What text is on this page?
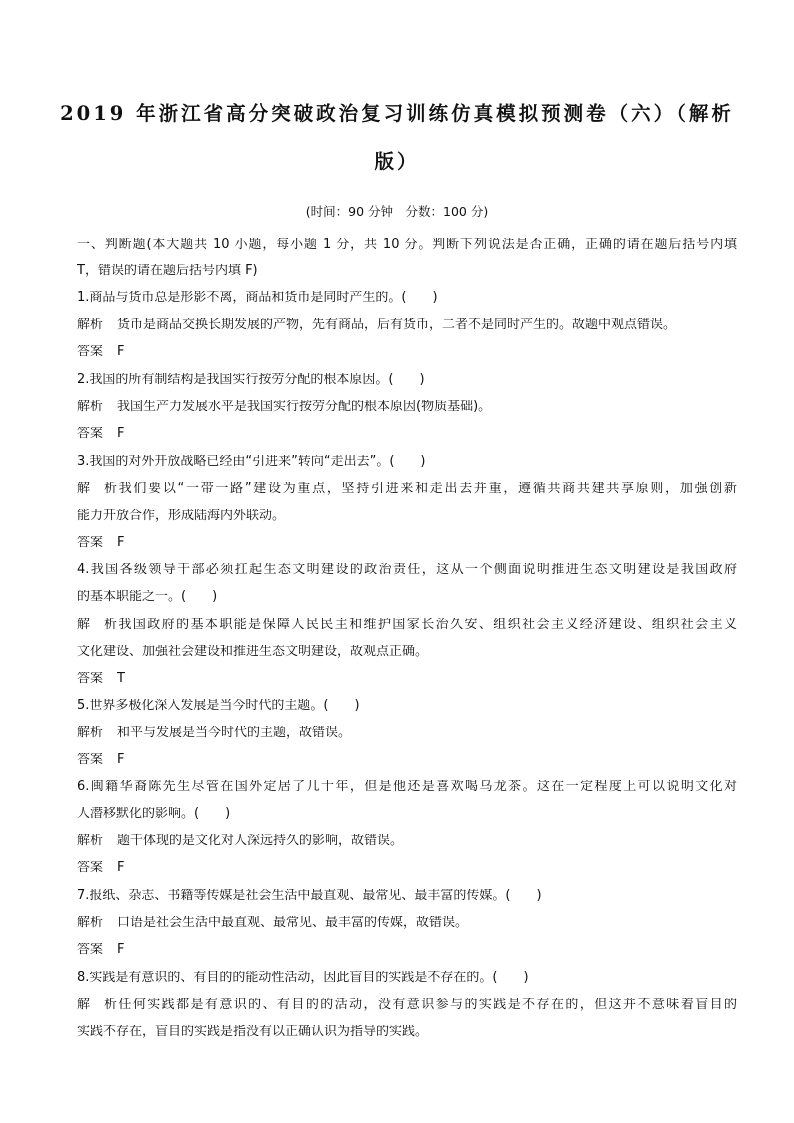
2019 年浙江省高分突破政治复习训练仿真模拟预测卷（六）（解析
版）
(时间：90 分钟　分数：100 分)
一、判断题(本大题共 10 小题，每小题 1 分，共 10 分。判断下列说法是否正确，正确的请在题后括号内填
T，错误的请在题后括号内填 F)
1.商品与货币总是形影不离，商品和货币是同时产生的。(　　)
解析 货币是商品交换长期发展的产物，先有商品，后有货币，二者不是同时产生的。故题中观点错误。
答案 F
2.我国的所有制结构是我国实行按劳分配的根本原因。(　　)
解析 我国生产力发展水平是我国实行按劳分配的根本原因(物质基础)。
答案 F
3.我国的对外开放战略已经由“引进来”转向“走出去”。(　　)
解析我们要以“一带一路”建设为重点，坚持引进来和走出去并重，遵循共商共建共享原则，加强创新
能力开放合作，形成陆海内外联动。
答案 F
4.我国各级领导干部必须扛起生态文明建设的政治责任，这从一个侧面说明推进生态文明建设是我国政府
的基本职能之一。(　　)
解析我国政府的基本职能是保障人民民主和维护国家长治久安、组织社会主义经济建设、组织社会主义
文化建设、加强社会建设和推进生态文明建设，故观点正确。
答案 T
5.世界多极化深入发展是当今时代的主题。(　　)
解析 和平与发展是当今时代的主题，故错误。
答案 F
6.闽籍华裔陈先生尽管在国外定居了几十年，但是他还是喜欢喝乌龙茶。这在一定程度上可以说明文化对
人潜移默化的影响。(　　)
解析 题干体现的是文化对人深远持久的影响，故错误。
答案 F
7.报纸、杂志、书籍等传媒是社会生活中最直观、最常见、最丰富的传媒。(　　)
解析 口语是社会生活中最直观、最常见、最丰富的传媒，故错误。
答案 F
8.实践是有意识的、有目的的能动性活动，因此盲目的实践是不存在的。(　　)
解析任何实践都是有意识的、有目的的活动，没有意识参与的实践是不存在的，但这并不意味着盲目的
实践不存在，盲目的实践是指没有以正确认识为指导的实践。
